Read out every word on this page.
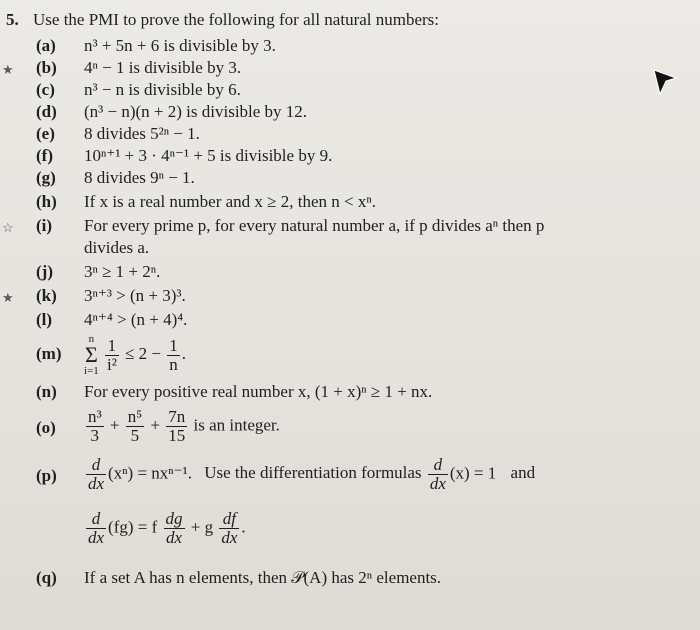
5. Use the PMI to prove the following for all natural numbers:
(a) n³ + 5n + 6 is divisible by 3.
★ (b) 4ⁿ − 1 is divisible by 3.
(c) n³ − n is divisible by 6.
(d) (n³ − n)(n + 2) is divisible by 12.
(e) 8 divides 5²ⁿ − 1.
(f) 10ⁿ⁺¹ + 3 · 4ⁿ⁻¹ + 5 is divisible by 9.
(g) 8 divides 9ⁿ − 1.
(h) If x is a real number and x ≥ 2, then n < xⁿ.
☆ (i) For every prime p, for every natural number a, if p divides aⁿ then p
divides a.
(j) 3ⁿ ≥ 1 + 2ⁿ.
★ (k) 3ⁿ⁺³ > (n + 3)³.
(l) 4ⁿ⁺⁴ > (n + 4)⁴.
(m)
n
Σ
i=1
$\frac{1}{\text{i²}} \le 2 - \frac{1}{n}$ .
(n) For every positive real number x, (1 + x)ⁿ ≥ 1 + nx.
$(o) \frac{\text{n³}}{3} + \frac{\text{n⁵}}{5} + \frac{7n}{15}$ is an integer.
$(p) \frac{d}{dx} (x^n) = nx^{n-1}$. Use the differentiation formulas $\frac{d}{dx} (x) = 1$ and
$\frac{d}{dx} (fg) = f \frac{dg}{dx} + g \frac{df}{dx}$ .
(q) If a set A has n elements, then 𝒫(A) has 2ⁿ elements.
